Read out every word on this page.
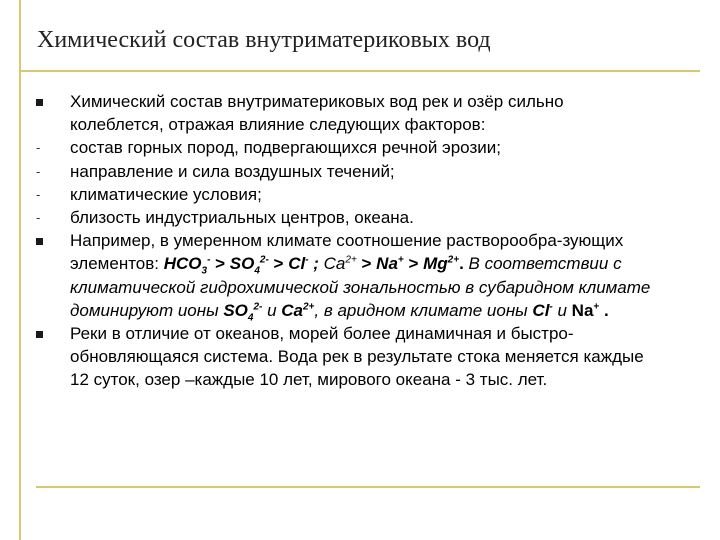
Химический состав внутриматериковых вод
Химический состав внутриматериковых вод рек и озёр сильно колеблется, отражая влияние следующих факторов:
- состав горных пород, подвергающихся речной эрозии;
- направление и сила воздушных течений;
- климатические условия;
- близость индустриальных центров, океана.
Например, в умеренном климате соотношение растворообра-зующих элементов: $HCO_3^- > SO_4^{2-} > Cl^-$ ; $Ca^{2+} > Na^+ > Mg^{2+}$. В соответствии с климатической гидрохимической зональностью в субаридном климате доминируют ионы $SO_4^{2-}$ и $Ca^{2+}$, в аридном климате ионы Cl- и Na+ .
Реки в отличие от океанов, морей более динамичная и быстро-обновляющаяся система. Вода рек в результате стока меняется каждые 12 суток, озер –каждые 10 лет, мирового океана - 3 тыс. лет.
